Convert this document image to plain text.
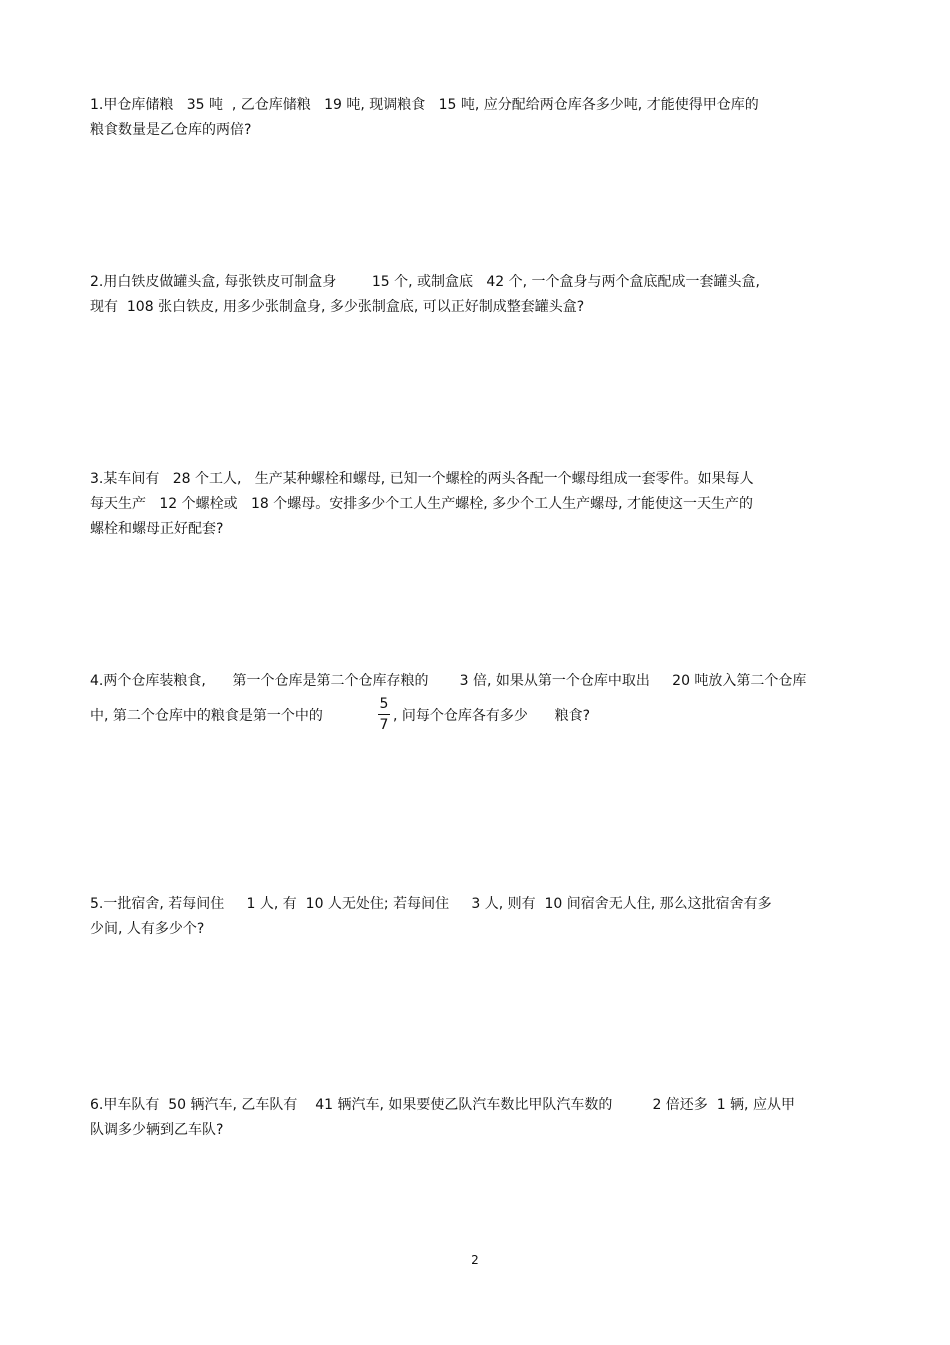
1.甲仓库储粮   35 吨  , 乙仓库储粮   19 吨, 现调粮食   15 吨, 应分配给两仓库各多少吨, 才能使得甲仓库的
粮食数量是乙仓库的两倍?
2.用白铁皮做罐头盒, 每张铁皮可制盒身        15 个, 或制盒底   42 个, 一个盒身与两个盒底配成一套罐头盒,
现有  108 张白铁皮, 用多少张制盒身, 多少张制盒底, 可以正好制成整套罐头盒?
3.某车间有   28 个工人,   生产某种螺栓和螺母, 已知一个螺栓的两头各配一个螺母组成一套零件。如果每人
每天生产   12 个螺栓或   18 个螺母。安排多少个工人生产螺栓, 多少个工人生产螺母, 才能使这一天生产的
螺栓和螺母正好配套?
4.两个仓库装粮食,      第一个仓库是第二个仓库存粮的       3 倍, 如果从第一个仓库中取出     20 吨放入第二个仓库
中, 第二个仓库中的粮食是第一个中的
5
7
, 问每个仓库各有多少      粮食?
5.一批宿舍, 若每间住     1 人, 有  10 人无处住; 若每间住     3 人, 则有  10 间宿舍无人住, 那么这批宿舍有多
少间, 人有多少个?
6.甲车队有  50 辆汽车, 乙车队有    41 辆汽车, 如果要使乙队汽车数比甲队汽车数的         2 倍还多  1 辆, 应从甲
队调多少辆到乙车队?
2
